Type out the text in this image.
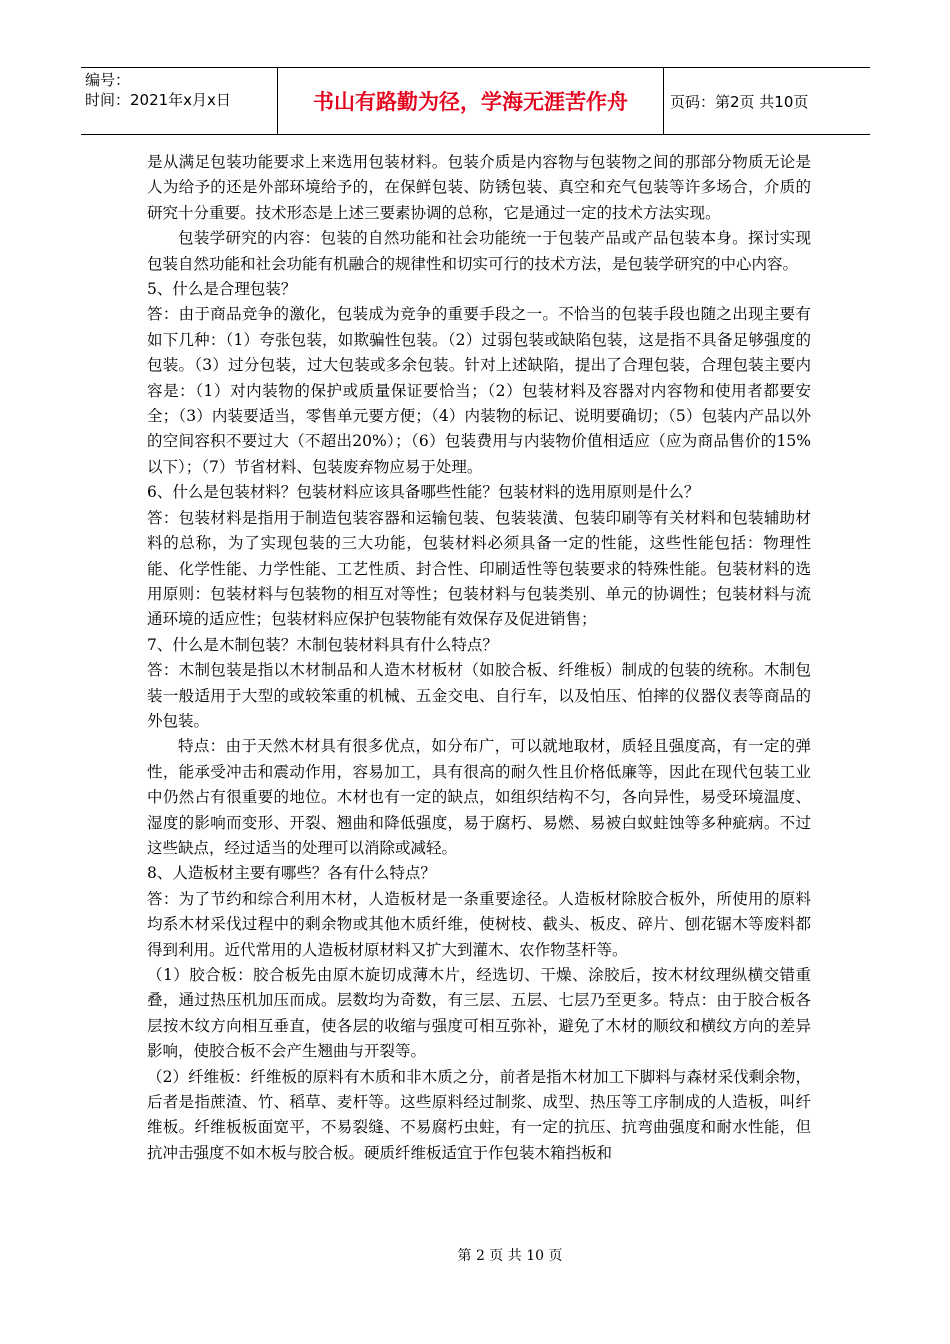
编号：
时间：2021年x月x日	书山有路勤为径，学海无涯苦作舟	页码：第2页 共10页

是从满足包装功能要求上来选用包装材料。包装介质是内容物与包装物之间的那部分物质无论是人为给予的还是外部环境给予的，在保鲜包装、防锈包装、真空和充气包装等许多场合，介质的研究十分重要。技术形态是上述三要素协调的总称，它是通过一定的技术方法实现。

包装学研究的内容：包装的自然功能和社会功能统一于包装产品或产品包装本身。探讨实现包装自然功能和社会功能有机融合的规律性和切实可行的技术方法，是包装学研究的中心内容。

5、什么是合理包装？

答：由于商品竞争的激化，包装成为竞争的重要手段之一。不恰当的包装手段也随之出现主要有如下几种：（1）夸张包装，如欺骗性包装。（2）过弱包装或缺陷包装，这是指不具备足够强度的包装。（3）过分包装，过大包装或多余包装。针对上述缺陷，提出了合理包装，合理包装主要内容是：（1）对内装物的保护或质量保证要恰当；（2）包装材料及容器对内容物和使用者都要安全；（3）内装要适当，零售单元要方便；（4）内装物的标记、说明要确切；（5）包装内产品以外的空间容积不要过大（不超出20%）；（6）包装费用与内装物价值相适应（应为商品售价的15%以下）；（7）节省材料、包装废弃物应易于处理。

6、什么是包装材料？包装材料应该具备哪些性能？包装材料的选用原则是什么？

答：包装材料是指用于制造包装容器和运输包装、包装装潢、包装印刷等有关材料和包装辅助材料的总称，为了实现包装的三大功能，包装材料必须具备一定的性能，这些性能包括：物理性能、化学性能、力学性能、工艺性质、封合性、印刷适性等包装要求的特殊性能。包装材料的选用原则：包装材料与包装物的相互对等性；包装材料与包装类别、单元的协调性；包装材料与流通环境的适应性；包装材料应保护包装物能有效保存及促进销售；

7、什么是木制包装？木制包装材料具有什么特点？

答：木制包装是指以木材制品和人造木材板材（如胶合板、纤维板）制成的包装的统称。木制包装一般适用于大型的或较笨重的机械、五金交电、自行车，以及怕压、怕摔的仪器仪表等商品的外包装。

特点：由于天然木材具有很多优点，如分布广，可以就地取材，质轻且强度高，有一定的弹性，能承受冲击和震动作用，容易加工，具有很高的耐久性且价格低廉等，因此在现代包装工业中仍然占有很重要的地位。木材也有一定的缺点，如组织结构不匀，各向异性，易受环境温度、湿度的影响而变形、开裂、翘曲和降低强度，易于腐朽、易燃、易被白蚁蛀蚀等多种疵病。不过这些缺点，经过适当的处理可以消除或减轻。

8、人造板材主要有哪些？各有什么特点？

答：为了节约和综合利用木材，人造板材是一条重要途径。人造板材除胶合板外，所使用的原料均系木材采伐过程中的剩余物或其他木质纤维，使树枝、截头、板皮、碎片、刨花锯木等废料都得到利用。近代常用的人造板材原材料又扩大到灌木、农作物茎杆等。

（1）胶合板：胶合板先由原木旋切成薄木片，经选切、干燥、涂胶后，按木材纹理纵横交错重叠，通过热压机加压而成。层数均为奇数，有三层、五层、七层乃至更多。特点：由于胶合板各层按木纹方向相互垂直，使各层的收缩与强度可相互弥补，避免了木材的顺纹和横纹方向的差异影响，使胶合板不会产生翘曲与开裂等。

（2）纤维板：纤维板的原料有木质和非木质之分，前者是指木材加工下脚料与森材采伐剩余物，后者是指蔗渣、竹、稻草、麦杆等。这些原料经过制浆、成型、热压等工序制成的人造板，叫纤维板。纤维板板面宽平，不易裂缝、不易腐朽虫蛀，有一定的抗压、抗弯曲强度和耐水性能，但抗冲击强度不如木板与胶合板。硬质纤维板适宜于作包装木箱挡板和

第 2 页 共 10 页
